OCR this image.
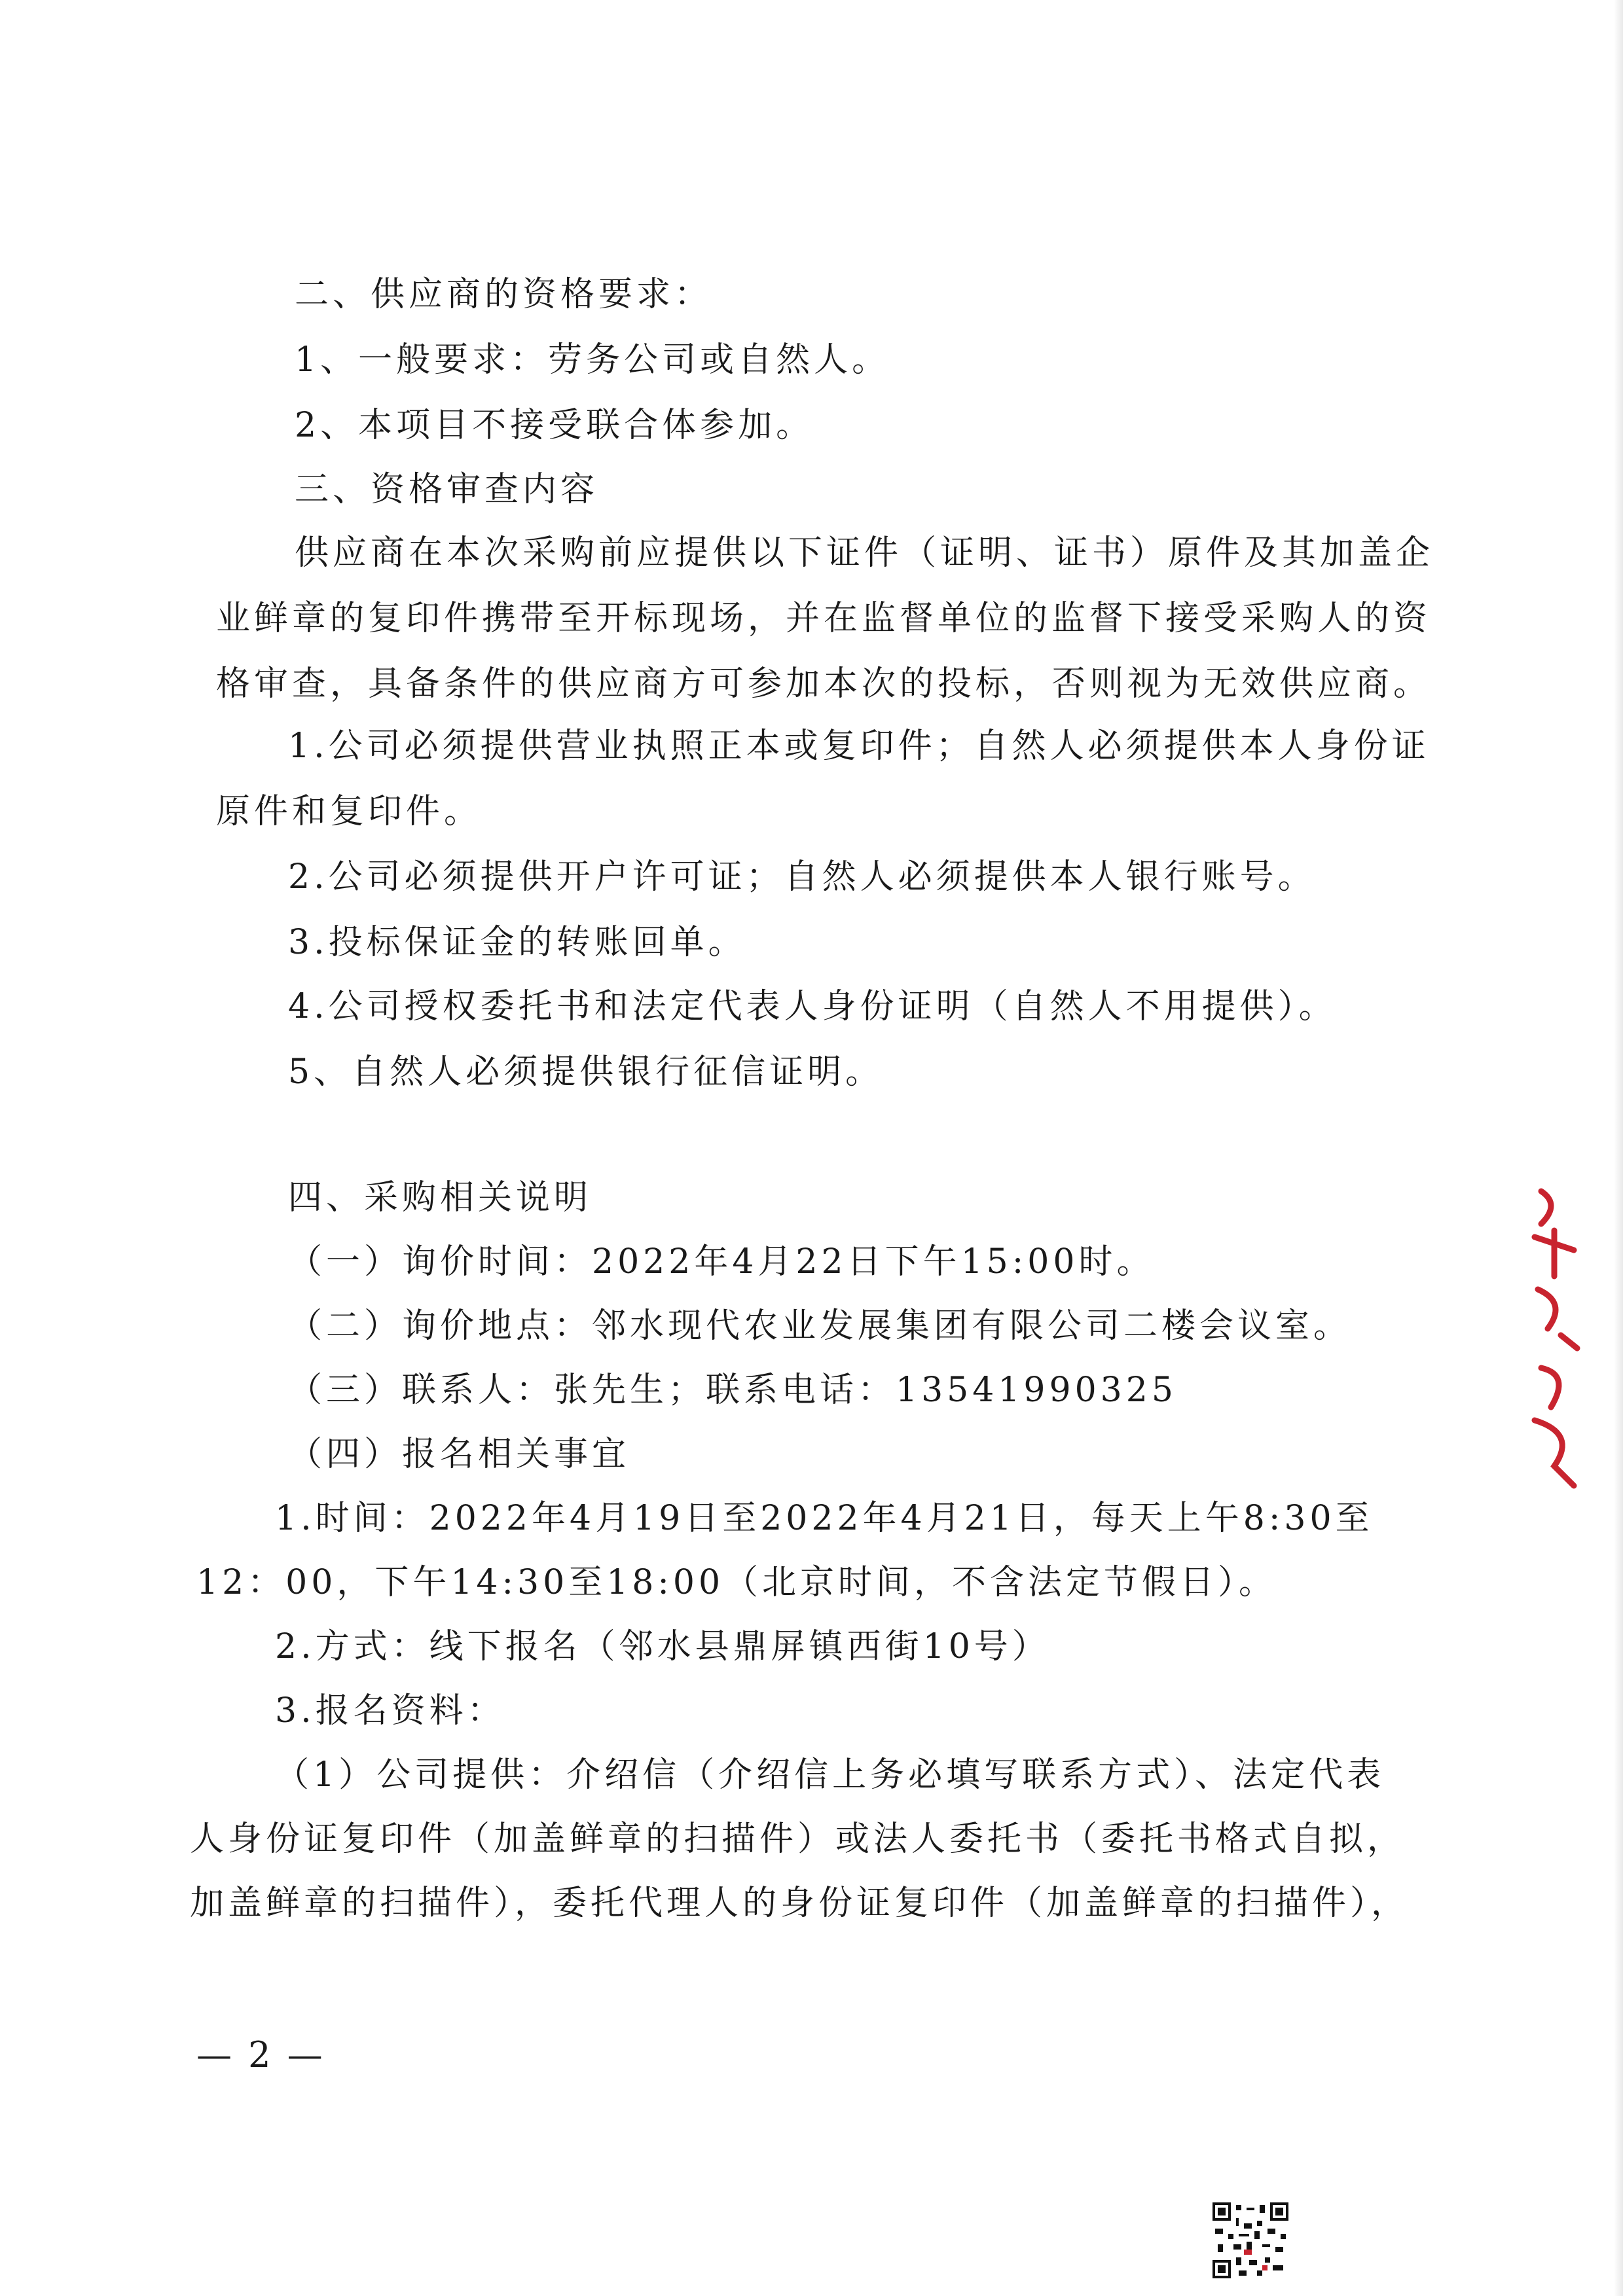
二、供应商的资格要求：
1、一般要求：劳务公司或自然人。
2、本项目不接受联合体参加。
三、资格审查内容
供应商在本次采购前应提供以下证件（证明、证书）原件及其加盖企
业鲜章的复印件携带至开标现场，并在监督单位的监督下接受采购人的资
格审查，具备条件的供应商方可参加本次的投标，否则视为无效供应商。
1.公司必须提供营业执照正本或复印件；自然人必须提供本人身份证
原件和复印件。
2.公司必须提供开户许可证；自然人必须提供本人银行账号。
3.投标保证金的转账回单。
4.公司授权委托书和法定代表人身份证明（自然人不用提供）。
5、自然人必须提供银行征信证明。
四、采购相关说明
（一）询价时间：2022年4月22日下午15:00时。
（二）询价地点：邻水现代农业发展集团有限公司二楼会议室。
（三）联系人：张先生；联系电话：13541990325
（四）报名相关事宜
1.时间：2022年4月19日至2022年4月21日，每天上午8:30至
12：00，下午14:30至18:00（北京时间，不含法定节假日）。
2.方式：线下报名（邻水县鼎屏镇西街10号）
3.报名资料：
（1）公司提供：介绍信（介绍信上务必填写联系方式）、法定代表
人身份证复印件（加盖鲜章的扫描件）或法人委托书（委托书格式自拟，
加盖鲜章的扫描件），委托代理人的身份证复印件（加盖鲜章的扫描件），
— 2 —
